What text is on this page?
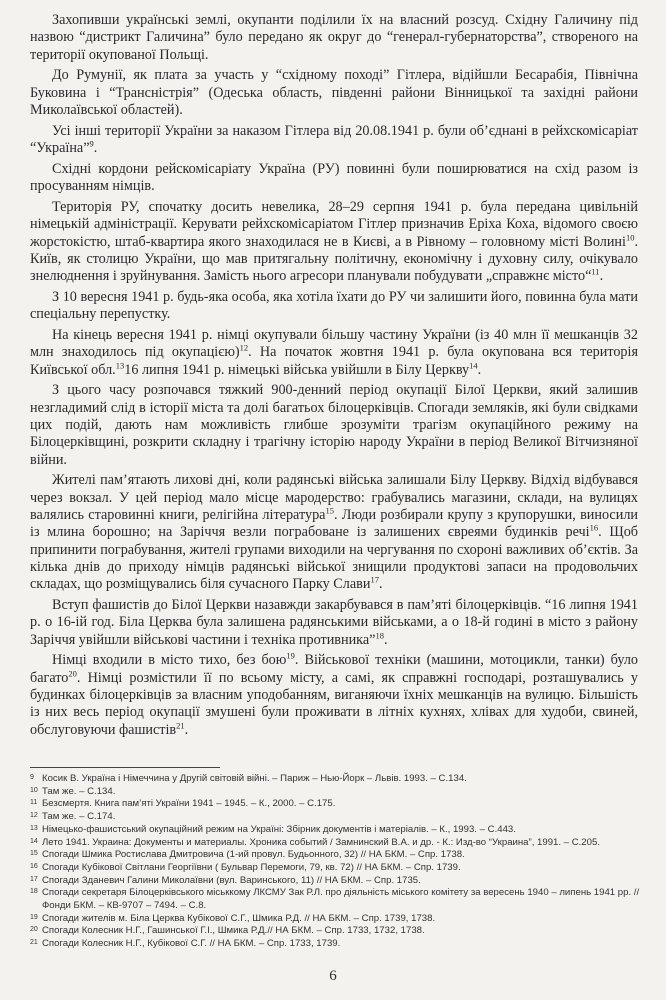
Захопивши українські землі, окупанти поділили їх на власний розсуд. Східну Галичину під назвою “дистрикт Галичина” було передано як округ до “генерал-губернаторства”, створеного на території окупованої Польщі.

До Румунії, як плата за участь у “східному поході” Гітлера, відійшли Бесарабія, Північна Буковина і “Трансністрія” (Одеська область, південні райони Вінницької та західні райони Миколаївської областей).

Усі інші території України за наказом Гітлера від 20.08.1941 р. були об’єднані в рейхскомісаріат “Україна”$^9$.

Східні кордони рейскомісаріату Україна (РУ) повинні були поширюватися на схід разом із просуванням німців.

Територія РУ, спочатку досить невелика, 28–29 серпня 1941 р. була передана цивільній німецькій адміністрації. Керувати рейхскомісаріатом Гітлер призначив Еріха Коха, відомого своєю жорстокістю, штаб-квартира якого знаходилася не в Києві, а в Рівному – головному місті Волині$^{10}$. Київ, як столицю України, що мав притягальну політичну, економічну і духовну силу, очікувало знелюднення і зруйнування. Замість нього агресори планували побудувати „справжнє місто“$^{11}$.

З 10 вересня 1941 р. будь-яка особа, яка хотіла їхати до РУ чи залишити його, повинна була мати спеціальну перепустку.

На кінець вересня 1941 р. німці окупували більшу частину України (із 40 млн її мешканців 32 млн знаходилось під окупацією)$^{12}$. На початок жовтня 1941 р. була окупована вся територія Київської обл.$^{13}$16 липня 1941 р. німецькі війська увійшли в Білу Церкву$^{14}$.

З цього часу розпочався тяжкий 900-денний період окупації Білої Церкви, який залишив незгладимий слід в історії міста та долі багатьох білоцерківців. Спогади земляків, які були свідками цих подій, дають нам можливість глибше зрозуміти трагізм окупаційного режиму на Білоцерківщині, розкрити складну і трагічну історію народу України в період Великої Вітчизняної війни.

Жителі пам’ятають лихові дні, коли радянські війська залишали Білу Церкву. Відхід відбувався через вокзал. У цей період мало місце мародерство: грабувались магазини, склади, на вулицях валялись старовинні книги, релігійна література$^{15}$. Люди розбирали крупу з крупорушки, виносили із млина борошно; на Заріччя везли пограбоване із залишених євреями будинків речі$^{16}$. Щоб припинити пограбування, жителі групами виходили на чергування по схороні важливих об’єктів. За кілька днів до приходу німців радянські війської знищили продуктові запаси на продовольчих складах, що розміщувались біля сучасного Парку Слави$^{17}$.

Вступ фашистів до Білої Церкви назавжди закарбувався в пам’яті білоцерківців. “16 липня 1941 р. о 16-ій год. Біла Церква була залишена радянськими військами, а о 18-й годині в місто з району Заріччя увійшли військові частини і техніка противника”$^{18}$.

Німці входили в місто тихо, без бою$^{19}$. Військової техніки (машини, мотоцикли, танки) було багато$^{20}$. Німці розмістили її по всьому місту, а самі, як справжні господарі, розташувались у будинках білоцерківців за власним уподобанням, виганяючи їхніх мешканців на вулицю. Більшість із них весь період окупації змушені були проживати в літніх кухнях, хлівах для худоби, свиней, обслуговуючи фашистів$^{21}$.

9 Косик В. Україна і Німеччина у Другій світовій війні. – Париж – Нью-Йорк – Львів. 1993. – С.134.
10 Там же. – С.134.
11 Безсмертя. Книга пам’яті України 1941 – 1945. – К., 2000. – С.175.
12 Там же. – С.174.
13 Німецько-фашистський окупаційний режим на Україні: Збірник документів і матеріалів. – К., 1993. – С.443.
14 Лето 1941. Украина: Документы и материалы. Хроника событий / Замнинский В.А. и др. - К.: Изд-во “Украина”, 1991. – С.205.
15 Спогади Шмика Ростислава Дмитровича (1-ий провул. Будьонного, 32) // НА БКМ. – Спр. 1738.
16 Спогади Кубікової Світлани Георгіївни ( Бульвар Перемоги, 79, кв. 72) // НА БКМ. – Спр. 1739.
17 Спогади Зданевич Галини Миколаївни (вул. Варинського, 11) // НА БКМ. – Спр. 1735.
18 Спогади секретаря Білоцерківського міськкому ЛКСМУ Зак Р.Л. про діяльність міського комітету за вересень 1940 – липень 1941 рр. // Фонди БКМ. – КВ-9707 – 7494. – С.8.
19 Спогади жителів м. Біла Церква Кубікової С.Г., Шмика Р.Д. // НА БКМ. – Спр. 1739, 1738.
20 Спогади Колесник Н.Г., Гашинської Г.І., Шмика Р.Д.// НА БКМ. – Спр. 1733, 1732, 1738.
21 Спогади Колесник Н.Г., Кубікової С.Г. // НА БКМ. – Спр. 1733, 1739.
6
